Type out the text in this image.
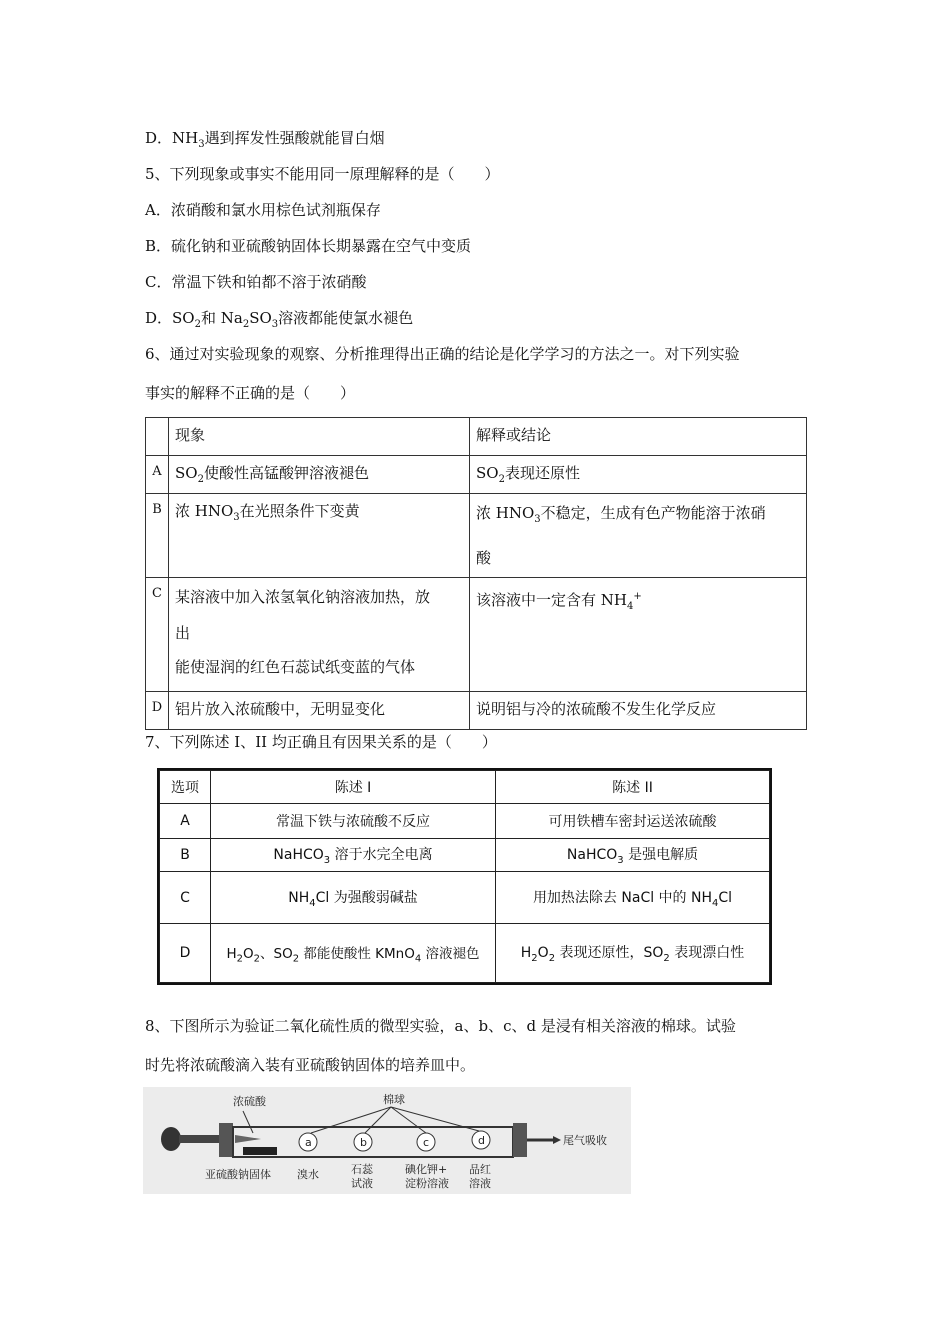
D．$NH_3$遇到挥发性强酸就能冒白烟
5、下列现象或事实不能用同一原理解释的是（　　）
A．浓硝酸和氯水用棕色试剂瓶保存
B．硫化钠和亚硫酸钠固体长期暴露在空气中变质
C．常温下铁和铂都不溶于浓硝酸
D．$SO_2$和 $Na_2SO_3$溶液都能使氯水褪色
6、通过对实验现象的观察、分析推理得出正确的结论是化学学习的方法之一。对下列实验
事实的解释不正确的是（　　）
	现象	解释或结论
A	$SO_2$使酸性高锰酸钾溶液褪色	$SO_2$表现还原性
B	浓 $HNO_3$在光照条件下变黄	浓 $HNO_3$不稳定，生成有色产物能溶于浓硝
酸

C	某溶液中加入浓氢氧化钠溶液加热，放
出
能使湿润的红色石蕊试纸变蓝的气体	该溶液中一定含有 $NH_4^+$
D	铝片放入浓硫酸中，无明显变化	说明铝与冷的浓硫酸不发生化学反应
7、下列陈述 I、II 均正确且有因果关系的是（　　）
选项	陈述 I	陈述 II
A	常温下铁与浓硫酸不反应	可用铁槽车密封运送浓硫酸
B	NaHCO$_3$ 溶于水完全电离	NaHCO$_3$ 是强电解质
C	$NH_4Cl$ 为强酸弱碱盐	用加热法除去 NaCl 中的 $NH_4Cl$
D	$H_2O_2$、$SO_2$ 都能使酸性 KMnO$_4$ 溶液褪色	$H_2O_2$ 表现还原性，$SO_2$ 表现漂白性
8、下图所示为验证二氧化硫性质的微型实验，a、b、c、d 是浸有相关溶液的棉球。试验
时先将浓硫酸滴入装有亚硫酸钠固体的培养皿中。
a	b	c	d
浓硫酸	棉球
亚硫酸钠固体
尾气吸收
溴水	石蕊
试液
碘化钾+
淀粉溶液
品红
溶液
